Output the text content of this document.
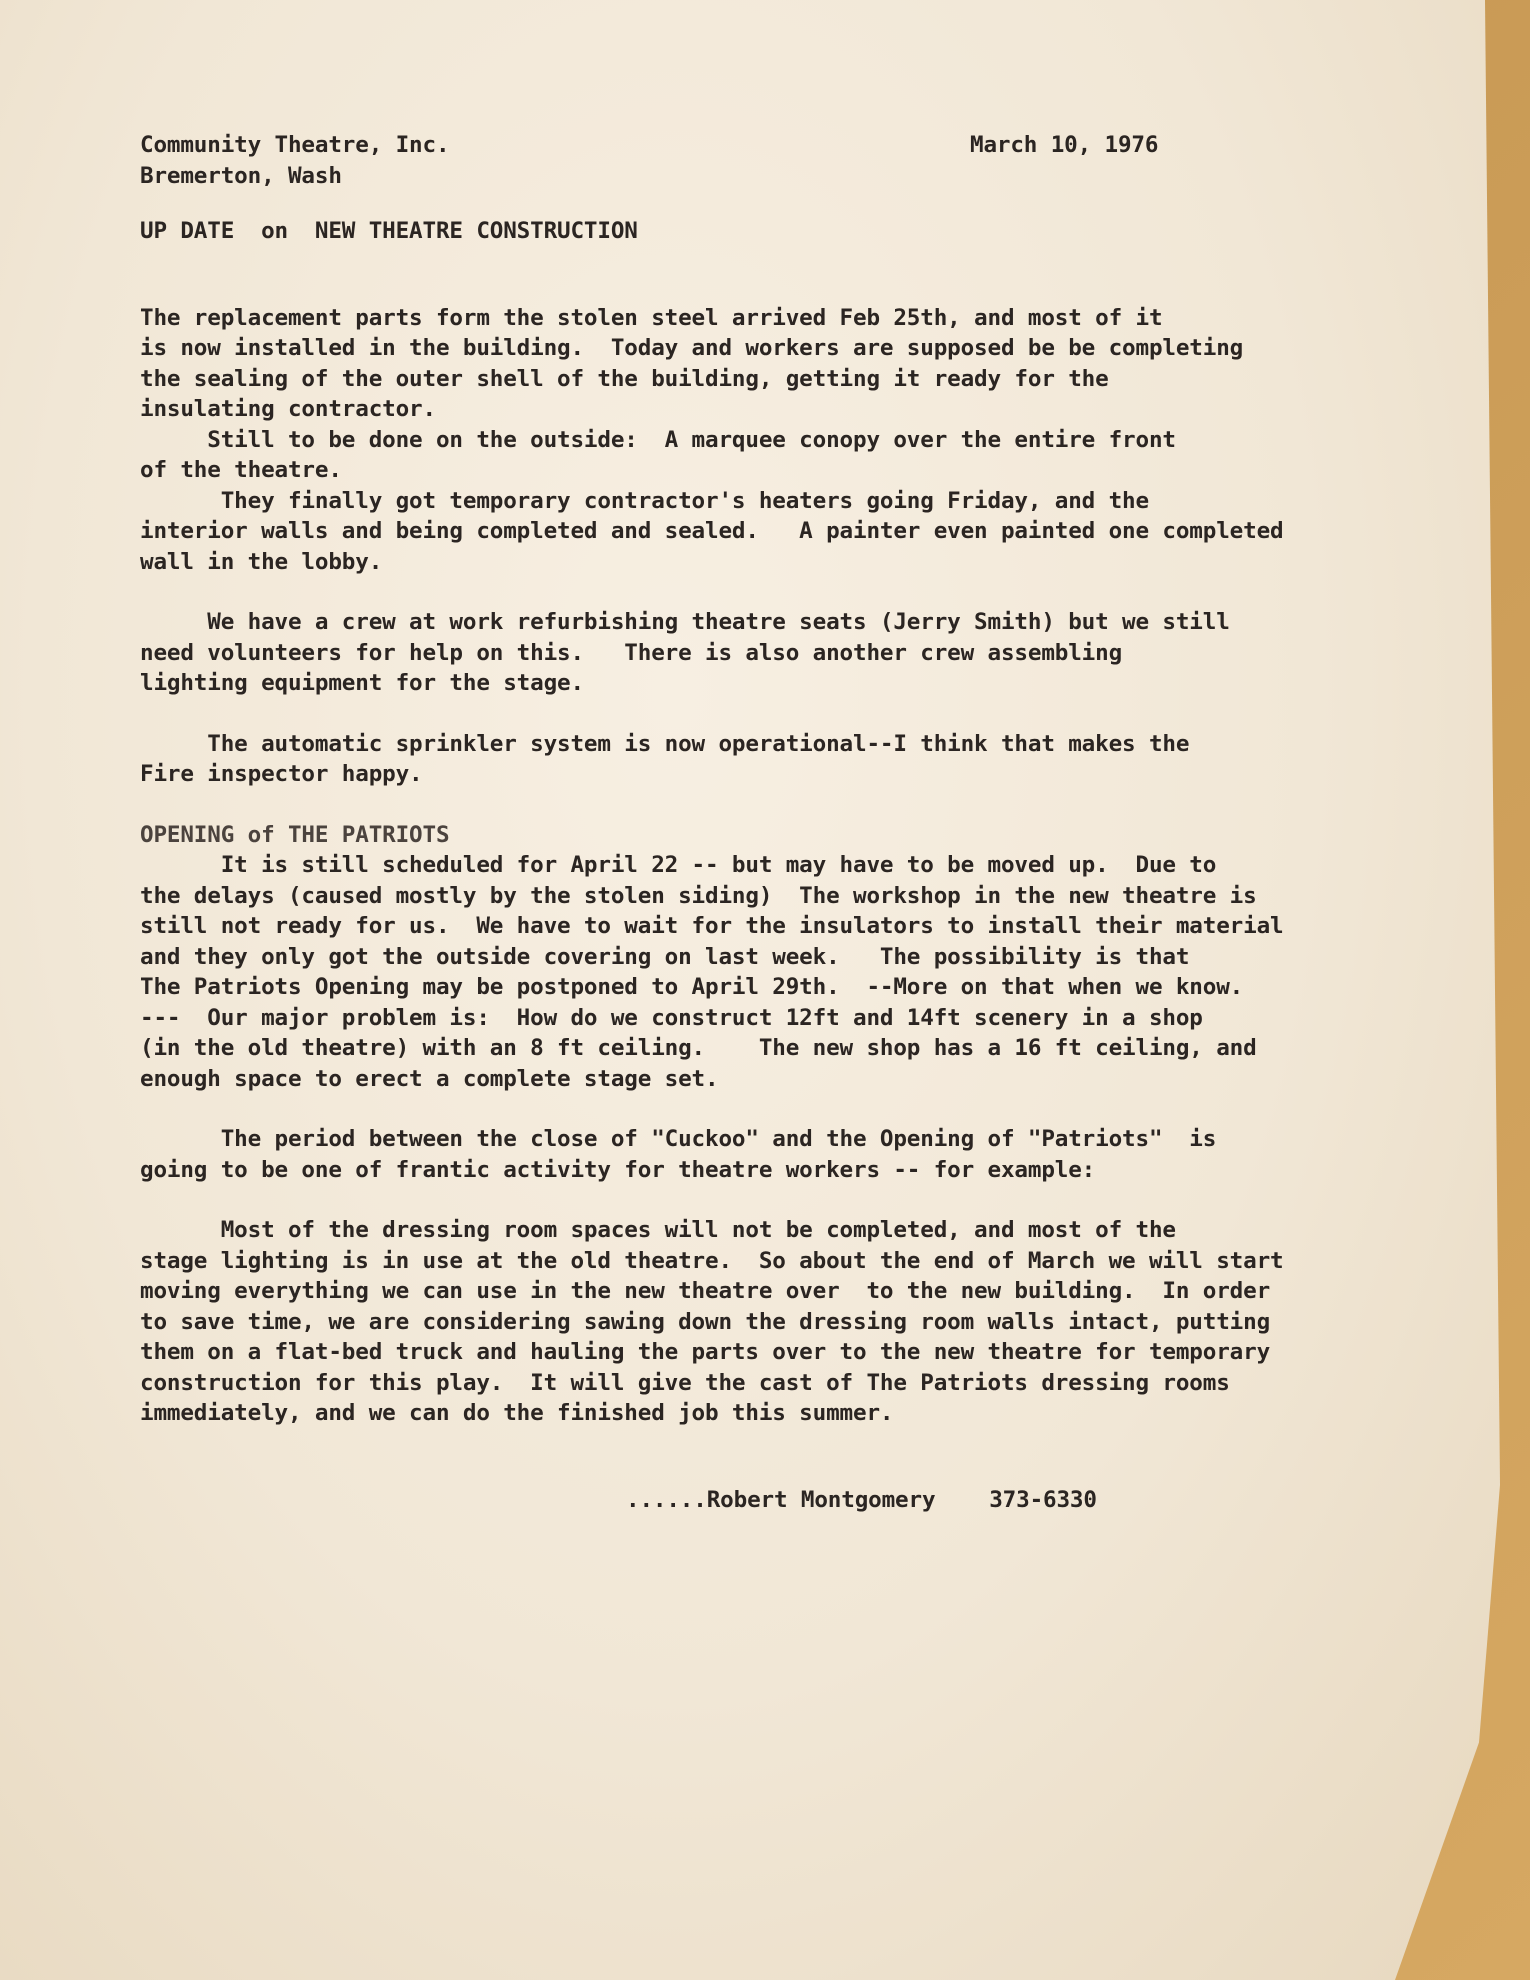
Community Theatre, Inc.	March 10, 1976
Bremerton, Wash
UP DATE  on  NEW THEATRE CONSTRUCTION
The replacement parts form the stolen steel arrived Feb 25th, and most of it
is now installed in the building.  Today and workers are supposed be be completing
the sealing of the outer shell of the building, getting it ready for the
insulating contractor.
Still to be done on the outside:  A marquee conopy over the entire front
of the theatre.
They finally got temporary contractor's heaters going Friday, and the
interior walls and being completed and sealed.   A painter even painted one completed
wall in the lobby.
We have a crew at work refurbishing theatre seats (Jerry Smith) but we still
need volunteers for help on this.   There is also another crew assembling
lighting equipment for the stage.
The automatic sprinkler system is now operational--I think that makes the
Fire inspector happy.
OPENING of THE PATRIOTS
It is still scheduled for April 22 -- but may have to be moved up.  Due to
the delays (caused mostly by the stolen siding)  The workshop in the new theatre is
still not ready for us.  We have to wait for the insulators to install their material
and they only got the outside covering on last week.   The possibility is that
The Patriots Opening may be postponed to April 29th.  --More on that when we know.
---  Our major problem is:  How do we construct 12ft and 14ft scenery in a shop
(in the old theatre) with an 8 ft ceiling.    The new shop has a 16 ft ceiling, and
enough space to erect a complete stage set.
The period between the close of "Cuckoo" and the Opening of "Patriots"  is
going to be one of frantic activity for theatre workers -- for example:
Most of the dressing room spaces will not be completed, and most of the
stage lighting is in use at the old theatre.  So about the end of March we will start
moving everything we can use in the new theatre over  to the new building.  In order
to save time, we are considering sawing down the dressing room walls intact, putting
them on a flat-bed truck and hauling the parts over to the new theatre for temporary
construction for this play.  It will give the cast of The Patriots dressing rooms
immediately, and we can do the finished job this summer.
......Robert Montgomery    373-6330
